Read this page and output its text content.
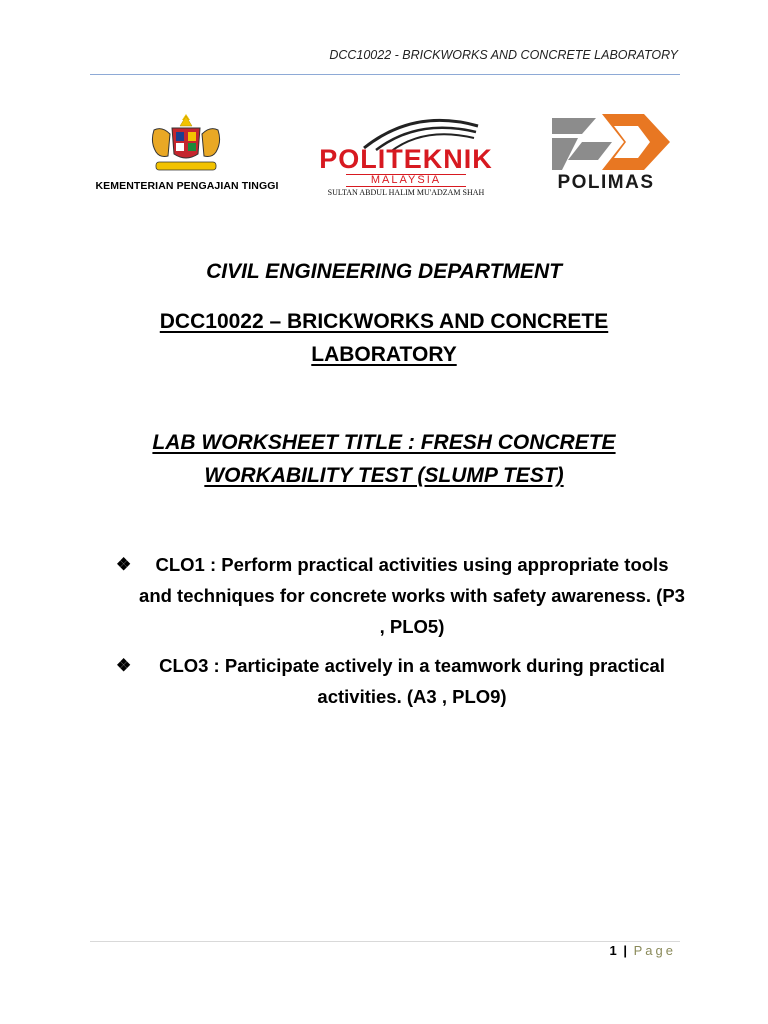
DCC10022 - BRICKWORKS AND CONCRETE LABORATORY
KEMENTERIAN PENGAJIAN TINGGI
POLITEKNIK
MALAYSIA
SULTAN ABDUL HALIM MU'ADZAM SHAH	POLIMAS
CIVIL ENGINEERING DEPARTMENT
DCC10022 – BRICKWORKS AND CONCRETE LABORATORY
LAB WORKSHEET TITLE : FRESH CONCRETE WORKABILITY TEST (SLUMP TEST)
❖	CLO1 : Perform practical activities using appropriate tools and techniques for concrete works with safety awareness. (P3 , PLO5)
❖	CLO3 : Participate actively in a teamwork during practical activities. (A3 , PLO9)
1 | Page
